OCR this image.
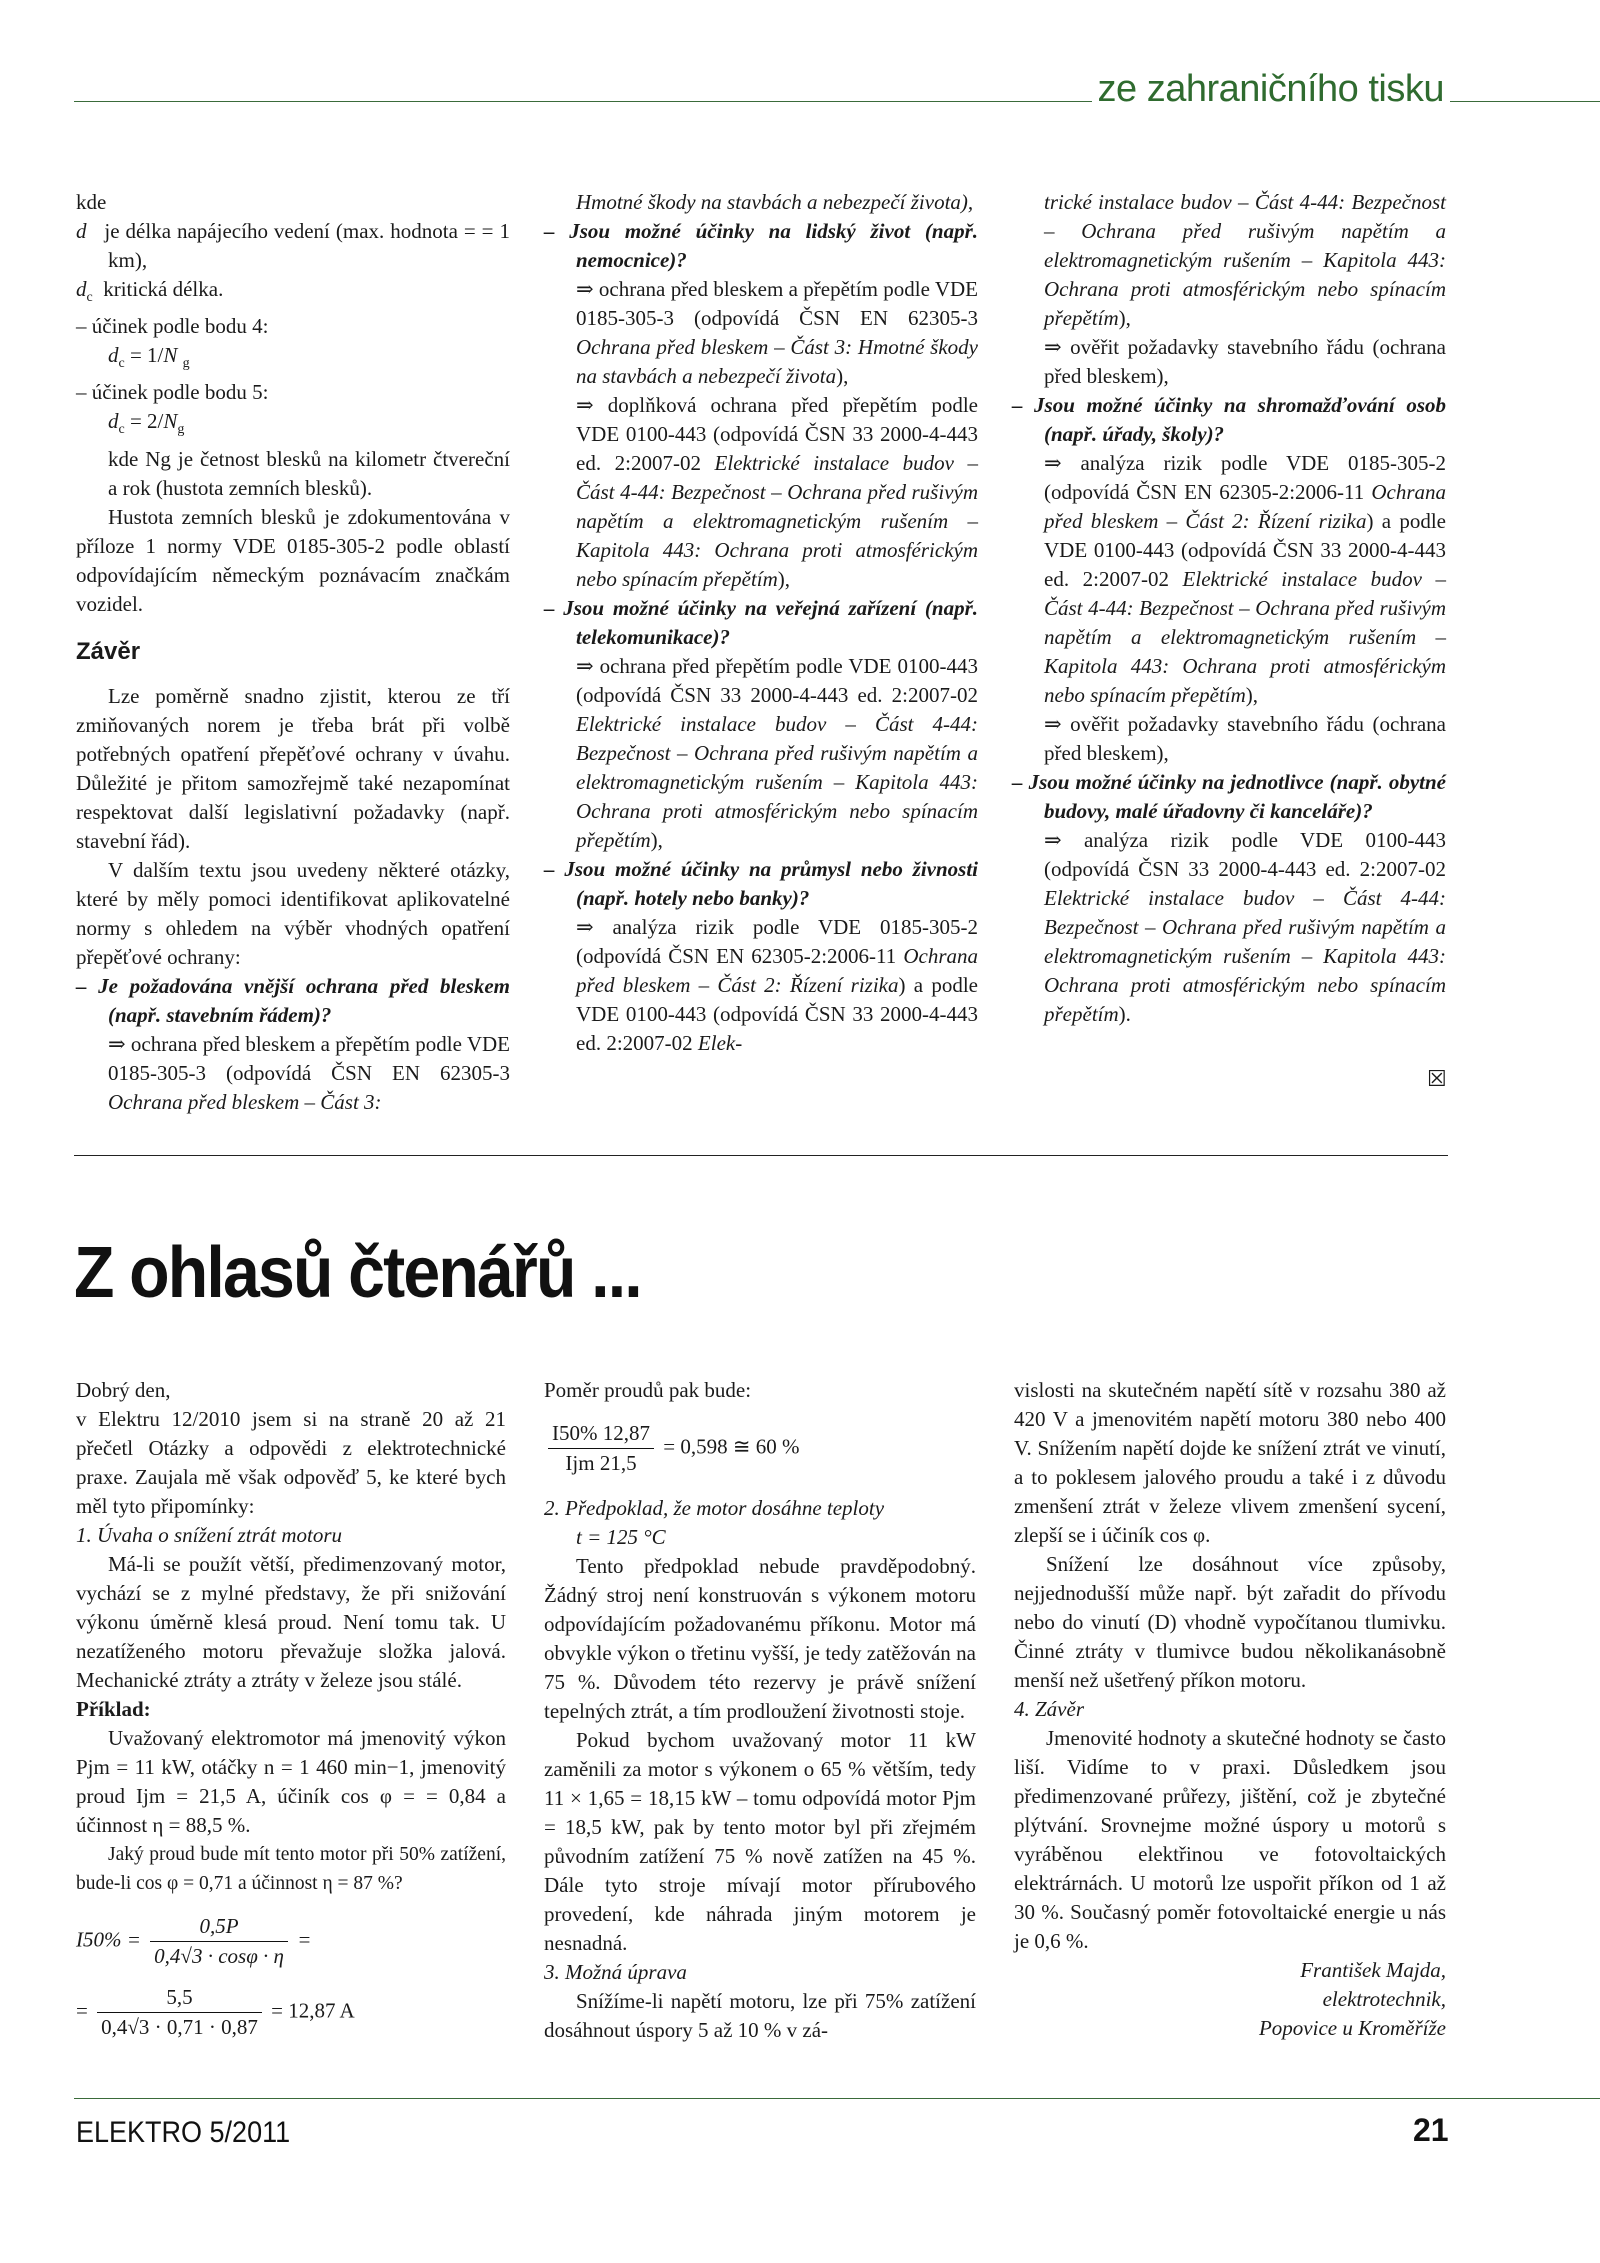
ze zahraničního tisku

kde

d   je délka napájecího vedení (max. hodnota = = 1 km),

$d_c$  kritická délka.

– účinek podle bodu 4:

$d_c = 1/N$ $_g$

– účinek podle bodu 5:

$d_c = 2/N_g$

kde Ng je četnost blesků na kilometr čtvereční a rok (hustota zemních blesků).

Hustota zemních blesků je zdokumentována v příloze 1 normy VDE 0185-305-2 podle oblastí odpovídajícím německým poznávacím značkám vozidel.

Závěr

Lze poměrně snadno zjistit, kterou ze tří zmiňovaných norem je třeba brát při volbě potřebných opatření přepěťové ochrany v úvahu. Důležité je přitom samozřejmě také nezapomínat respektovat další legislativní požadavky (např. stavební řád).

V dalším textu jsou uvedeny některé otázky, které by měly pomoci identifikovat aplikovatelné normy s ohledem na výběr vhodných opatření přepěťové ochrany:

– Je požadována vnější ochrana před bleskem (např. stavebním řádem)?

⇒ ochrana před bleskem a přepětím podle VDE 0185-305-3 (odpovídá ČSN EN 62305-3 Ochrana před bleskem – Část 3:

Hmotné škody na stavbách a nebezpečí života),

– Jsou možné účinky na lidský život (např. nemocnice)?

⇒ ochrana před bleskem a přepětím podle VDE 0185-305-3 (odpovídá ČSN EN 62305-3 Ochrana před bleskem – Část 3: Hmotné škody na stavbách a nebezpečí života),

⇒ doplňková ochrana před přepětím podle VDE 0100-443 (odpovídá ČSN 33 2000-4-443 ed. 2:2007-02 Elektrické instalace budov – Část 4-44: Bezpečnost – Ochrana před rušivým napětím a elektromagnetickým rušením – Kapitola 443: Ochrana proti atmosférickým nebo spínacím přepětím),

– Jsou možné účinky na veřejná zařízení (např. telekomunikace)?

⇒ ochrana před přepětím podle VDE 0100-443 (odpovídá ČSN 33 2000-4-443 ed. 2:2007-02 Elektrické instalace budov – Část 4-44: Bezpečnost – Ochrana před rušivým napětím a elektromagnetickým rušením – Kapitola 443: Ochrana proti atmosférickým nebo spínacím přepětím),

– Jsou možné účinky na průmysl nebo živnosti (např. hotely nebo banky)?

⇒ analýza rizik podle VDE 0185-305-2 (odpovídá ČSN EN 62305-2:2006-11 Ochrana před bleskem – Část 2: Řízení rizika) a podle VDE 0100-443 (odpovídá ČSN 33 2000-4-443 ed. 2:2007-02 Elek-

trické instalace budov – Část 4-44: Bezpečnost – Ochrana před rušivým napětím a elektromagnetickým rušením – Kapitola 443: Ochrana proti atmosférickým nebo spínacím přepětím),

⇒ ověřit požadavky stavebního řádu (ochrana před bleskem),

– Jsou možné účinky na shromažďování osob (např. úřady, školy)?

⇒ analýza rizik podle VDE 0185-305-2 (odpovídá ČSN EN 62305-2:2006-11 Ochrana před bleskem – Část 2: Řízení rizika) a podle VDE 0100-443 (odpovídá ČSN 33 2000-4-443 ed. 2:2007-02 Elektrické instalace budov – Část 4-44: Bezpečnost – Ochrana před rušivým napětím a elektromagnetickým rušením – Kapitola 443: Ochrana proti atmosférickým nebo spínacím přepětím),

⇒ ověřit požadavky stavebního řádu (ochrana před bleskem),

– Jsou možné účinky na jednotlivce (např. obytné budovy, malé úřadovny či kanceláře)?

⇒ analýza rizik podle VDE 0100-443 (odpovídá ČSN 33 2000-4-443 ed. 2:2007-02 Elektrické instalace budov – Část 4-44: Bezpečnost – Ochrana před rušivým napětím a elektromagnetickým rušením – Kapitola 443: Ochrana proti atmosférickým nebo spínacím přepětím).

☒
Z ohlasů čtenářů ...

Dobrý den,

v Elektru 12/2010 jsem si na straně 20 až 21 přečetl Otázky a odpovědi z elektrotechnické praxe. Zaujala mě však odpověď 5, ke které bych měl tyto připomínky:

1. Úvaha o snížení ztrát motoru

Má-li se použít větší, předimenzovaný motor, vychází se z mylné představy, že při snižování výkonu úměrně klesá proud. Není tomu tak. U nezatíženého motoru převažuje složka jalová. Mechanické ztráty a ztráty v železe jsou stálé.

Příklad:

Uvažovaný elektromotor má jmenovitý výkon Pjm = 11 kW, otáčky n = 1 460 min−1, jmenovitý proud Ijm = 21,5 A, účiník cos φ = = 0,84 a účinnost η = 88,5 %.

Jaký proud bude mít tento motor při 50% zatížení, bude-li cos φ = 0,71 a účinnost η = 87 %?

$I50\% = \frac{0,5P}{0,4√3 \cdot \cos\varphi \cdot \eta}$ =
= $\frac{5,5}{0,4√3 \cdot 0,71 \cdot 0,87} = 12,87$ A

Poměr proudů pak bude:

$\frac{I50\% 12,87}{\text{Ijm 21,5}} = 0,598$ ≅ 60 %

2. Předpoklad, že motor dosáhne teploty

t = 125 °C

Tento předpoklad nebude pravděpodobný. Žádný stroj není konstruován s výkonem motoru odpovídajícím požadovanému příkonu. Motor má obvykle výkon o třetinu vyšší, je tedy zatěžován na 75 %. Důvodem této rezervy je právě snížení tepelných ztrát, a tím prodloužení životnosti stoje.

Pokud bychom uvažovaný motor 11 kW zaměnili za motor s výkonem o 65 % větším, tedy 11 × 1,65 = 18,15 kW – tomu odpovídá motor Pjm = 18,5 kW, pak by tento motor byl při zřejmém původním zatížení 75 % nově zatížen na 45 %. Dále tyto stroje mívají motor přírubového provedení, kde náhrada jiným motorem je nesnadná.

3. Možná úprava

Snížíme-li napětí motoru, lze při 75% zatížení dosáhnout úspory 5 až 10 % v zá-

vislosti na skutečném napětí sítě v rozsahu 380 až 420 V a jmenovitém napětí motoru 380 nebo 400 V. Snížením napětí dojde ke snížení ztrát ve vinutí, a to poklesem jalového proudu a také i z důvodu zmenšení ztrát v železe vlivem zmenšení sycení, zlepší se i účiník cos φ.

Snížení lze dosáhnout více způsoby, nejjednodušší může např. být zařadit do přívodu nebo do vinutí (D) vhodně vypočítanou tlumivku. Činné ztráty v tlumivce budou několikanásobně menší než ušetřený příkon motoru.

4. Závěr

Jmenovité hodnoty a skutečné hodnoty se často liší. Vidíme to v praxi. Důsledkem jsou předimenzované průřezy, jištění, což je zbytečné plýtvání. Srovnejme možné úspory u motorů s vyráběnou elektřinou ve fotovoltaických elektrárnách. U motorů lze uspořit příkon od 1 až 30 %. Současný poměr fotovoltaické energie u nás je 0,6 %.

František Majda,

elektrotechnik,

Popovice u Kroměříže

ELEKTRO 5/2011	21
